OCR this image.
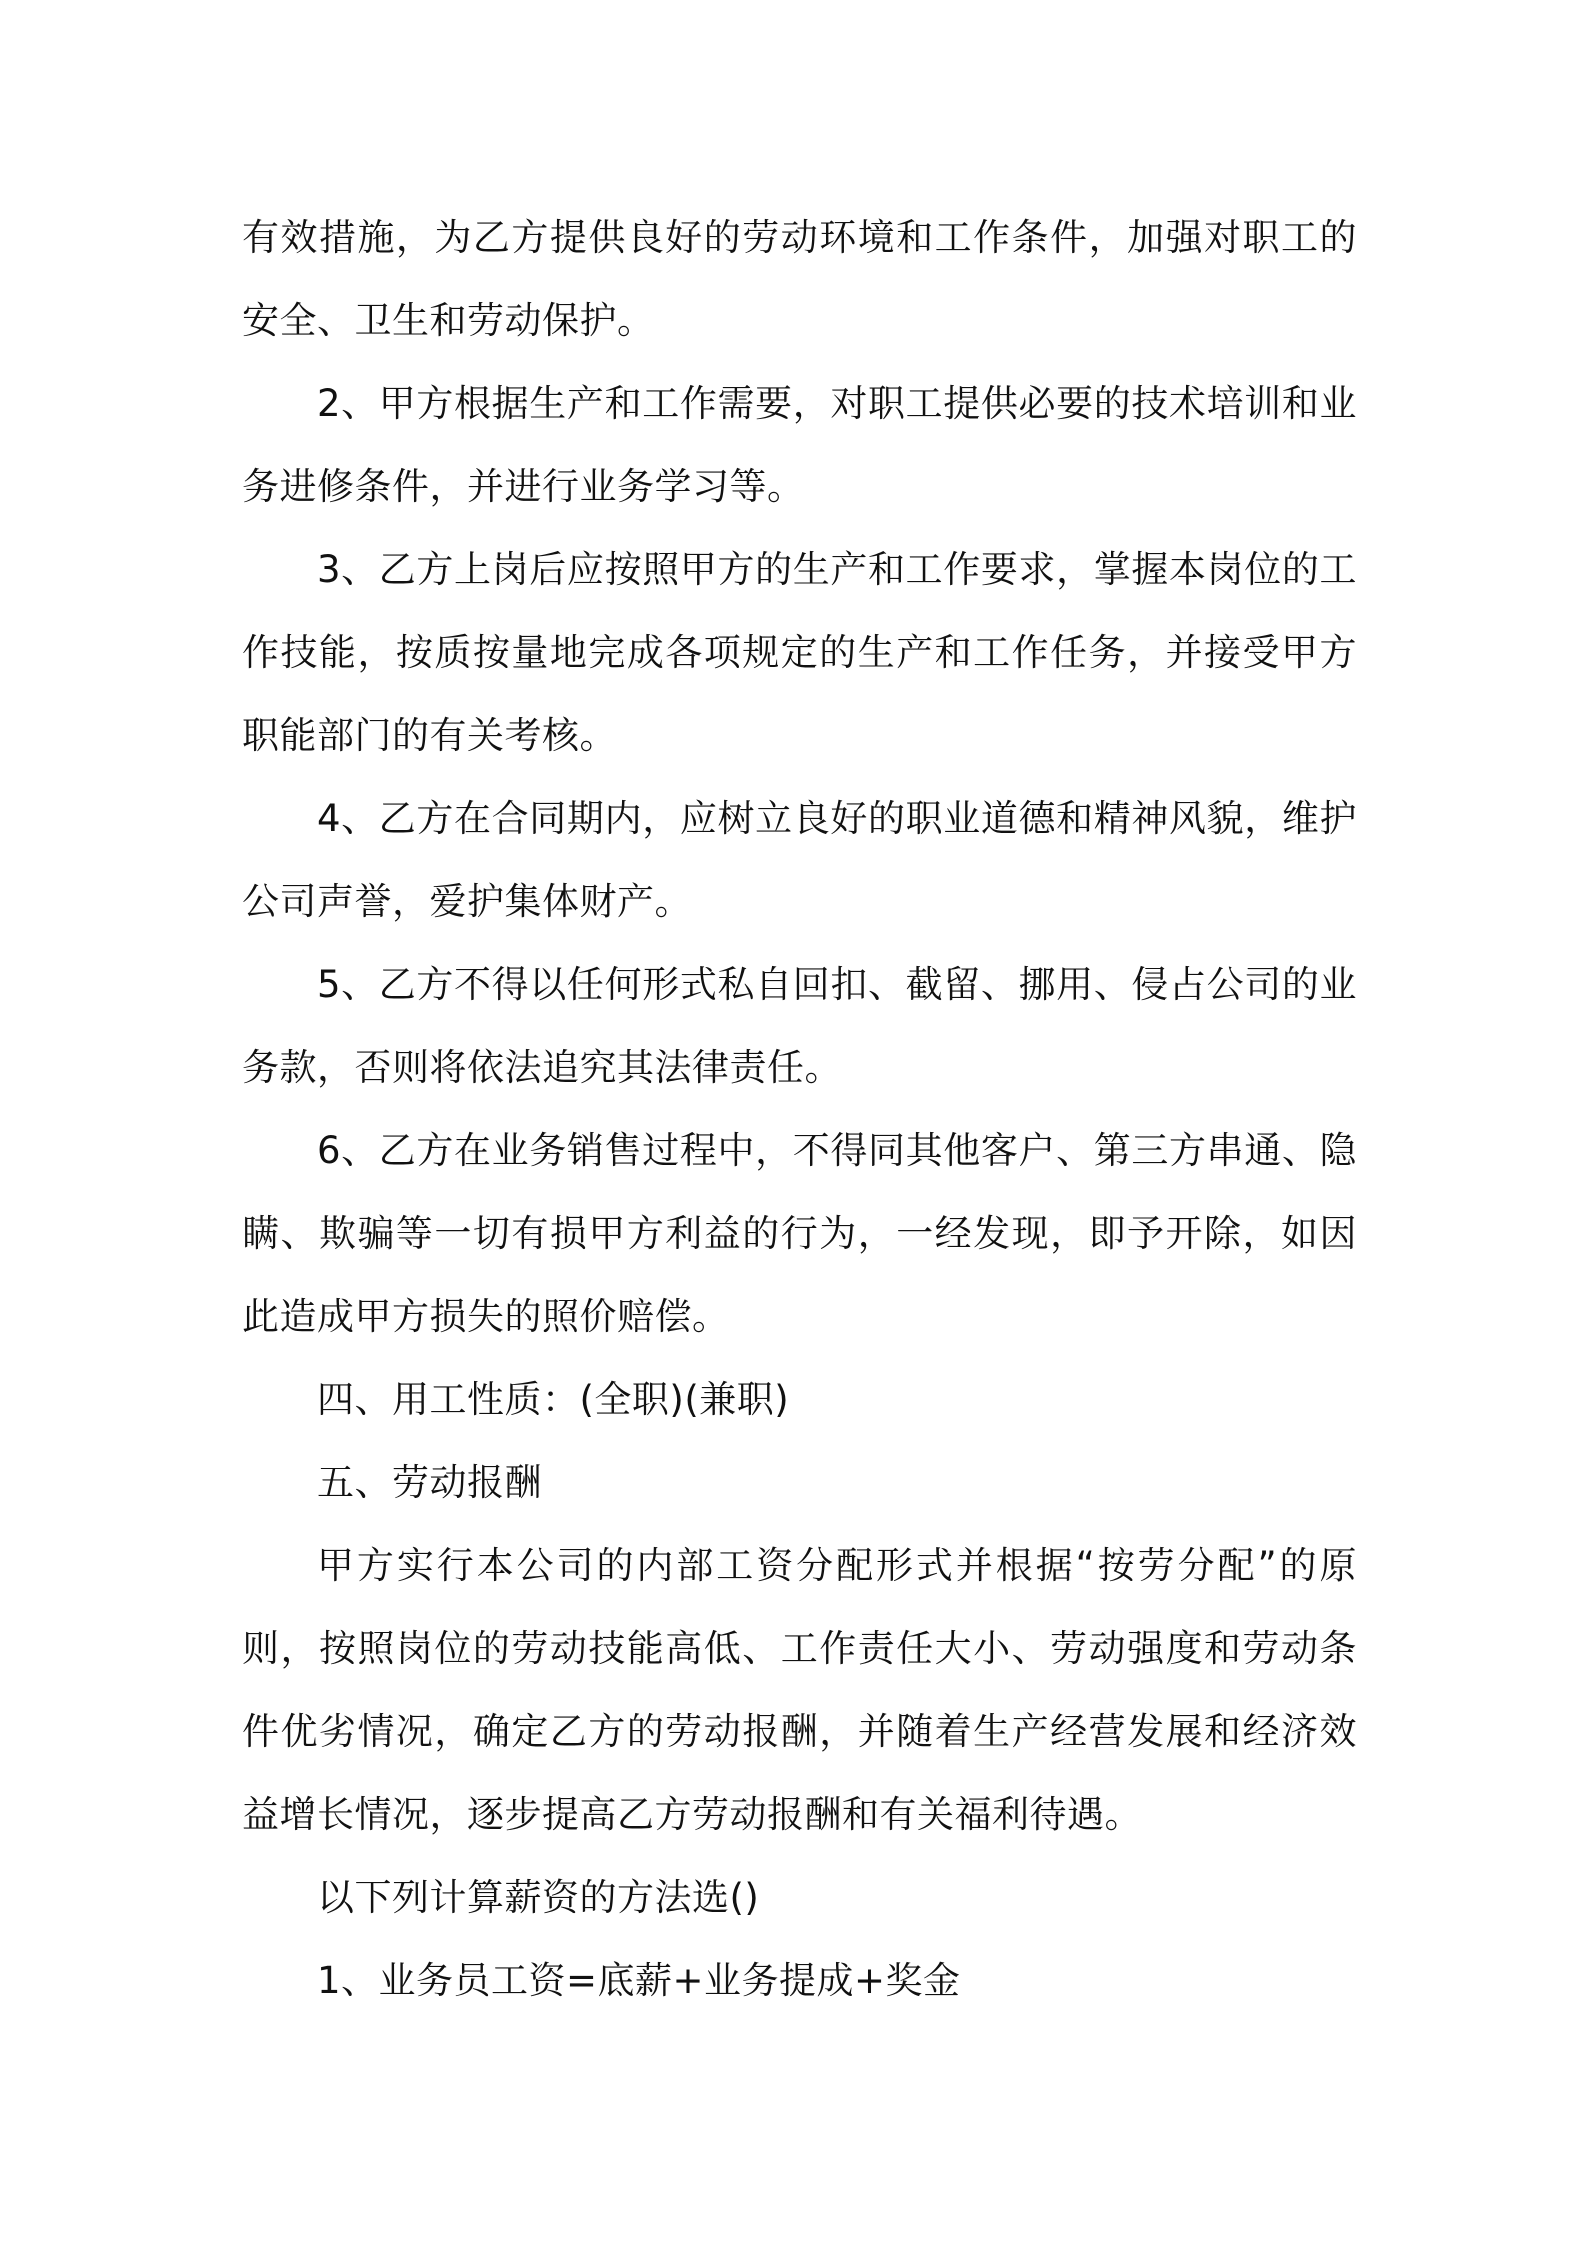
有效措施，为乙方提供良好的劳动环境和工作条件，加强对职工的安全、卫生和劳动保护。

2、甲方根据生产和工作需要，对职工提供必要的技术培训和业务进修条件，并进行业务学习等。

3、乙方上岗后应按照甲方的生产和工作要求，掌握本岗位的工作技能，按质按量地完成各项规定的生产和工作任务，并接受甲方职能部门的有关考核。

4、乙方在合同期内，应树立良好的职业道德和精神风貌，维护公司声誉，爱护集体财产。

5、乙方不得以任何形式私自回扣、截留、挪用、侵占公司的业务款，否则将依法追究其法律责任。

6、乙方在业务销售过程中，不得同其他客户、第三方串通、隐瞒、欺骗等一切有损甲方利益的行为，一经发现，即予开除，如因此造成甲方损失的照价赔偿。

四、用工性质：(全职)(兼职)

五、劳动报酬

甲方实行本公司的内部工资分配形式并根据“按劳分配”的原则，按照岗位的劳动技能高低、工作责任大小、劳动强度和劳动条件优劣情况，确定乙方的劳动报酬，并随着生产经营发展和经济效益增长情况，逐步提高乙方劳动报酬和有关福利待遇。

以下列计算薪资的方法选()

1、业务员工资=底薪+业务提成+奖金
